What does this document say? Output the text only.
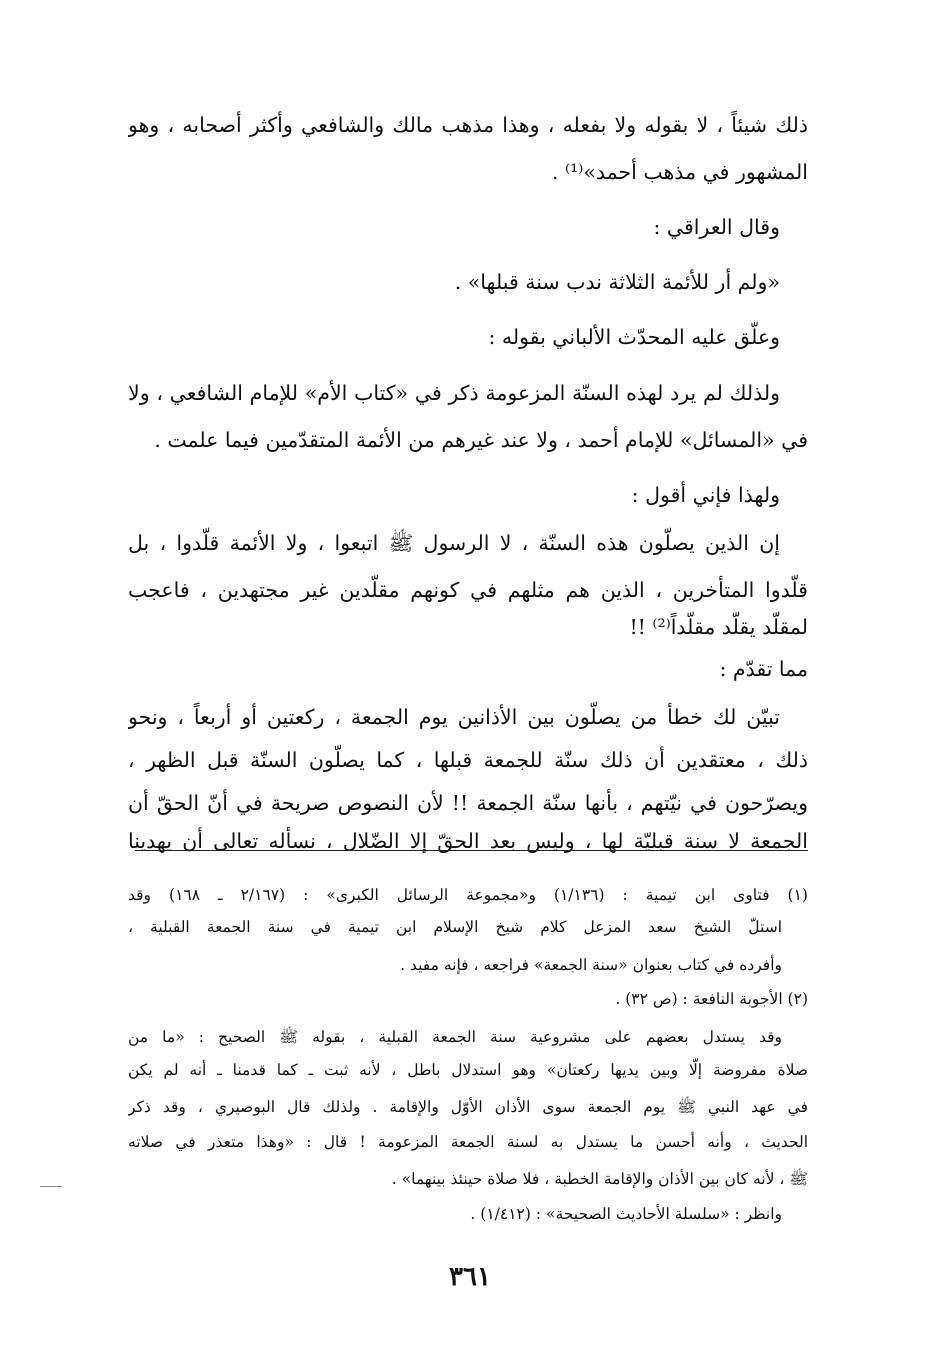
ذلك شيئاً ، لا بقوله ولا بفعله ، وهذا مذهب مالك والشافعي وأكثر أصحابه ، وهو
المشهور في مذهب أحمد»⁽¹⁾ .
وقال العراقي :
«ولم أر للأئمة الثلاثة ندب سنة قبلها» .
وعلّق عليه المحدّث الألباني بقوله :
ولذلك لم يرد لهذه السنّة المزعومة ذكر في «كتاب الأم» للإمام الشافعي ، ولا
في «المسائل» للإمام أحمد ، ولا عند غيرهم من الأئمة المتقدّمين فيما علمت .
ولهذا فإني أقول :
إن الذين يصلّون هذه السنّة ، لا الرسول ﷺ اتبعوا ، ولا الأئمة قلّدوا ، بل
قلّدوا المتأخرين ، الذين هم مثلهم في كونهم مقلّدين غير مجتهدين ، فاعجب
لمقلّد يقلّد مقلّداً⁽²⁾ !!
مما تقدّم :
تبيّن لك خطأ من يصلّون بين الأذانين يوم الجمعة ، ركعتين أو أربعاً ، ونحو
ذلك ، معتقدين أن ذلك سنّة للجمعة قبلها ، كما يصلّون السنّة قبل الظهر ،
ويصرّحون في نيّتهم ، بأنها سنّة الجمعة !! لأن النصوص صريحة في أنّ الحقّ أن
الجمعة لا سنة قبليّة لها ، وليس بعد الحقّ إلا الضّلال ، نسأله تعالى أن يهدينا
(١) فتاوى ابن تيمية : (١/١٣٦) و«مجموعة الرسائل الكبرى» : (٢/١٦٧ ـ ١٦٨) وقد
استلّ الشيخ سعد المزعل كلام شيخ الإسلام ابن تيمية في سنة الجمعة القبلية ،
وأفرده في كتاب بعنوان «سنة الجمعة» فراجعه ، فإنه مفيد .
(٢) الأجوبة النافعة : (ص ٣٢) .
وقد يستدل بعضهم على مشروعية سنة الجمعة القبلية ، بقوله ﷺ الصحيح : «ما من
صلاة مفروضة إلّا وبين يديها ركعتان» وهو استدلال باطل ، لأنه ثبت ـ كما قدمنا ـ أنه لم يكن
في عهد النبي ﷺ يوم الجمعة سوى الأذان الأوّل والإقامة . ولذلك قال البوصيري ، وقد ذكر
الحديث ، وأنه أحسن ما يستدل به لسنة الجمعة المزعومة ! قال : «وهذا متعذر في صلاته
ﷺ ، لأنه كان بين الأذان والإقامة الخطبة ، فلا صلاة حينئذ بينهما» .
وانظر : «سلسلة الأحاديث الصحيحة» : (١/٤١٢) .
٣٦١
